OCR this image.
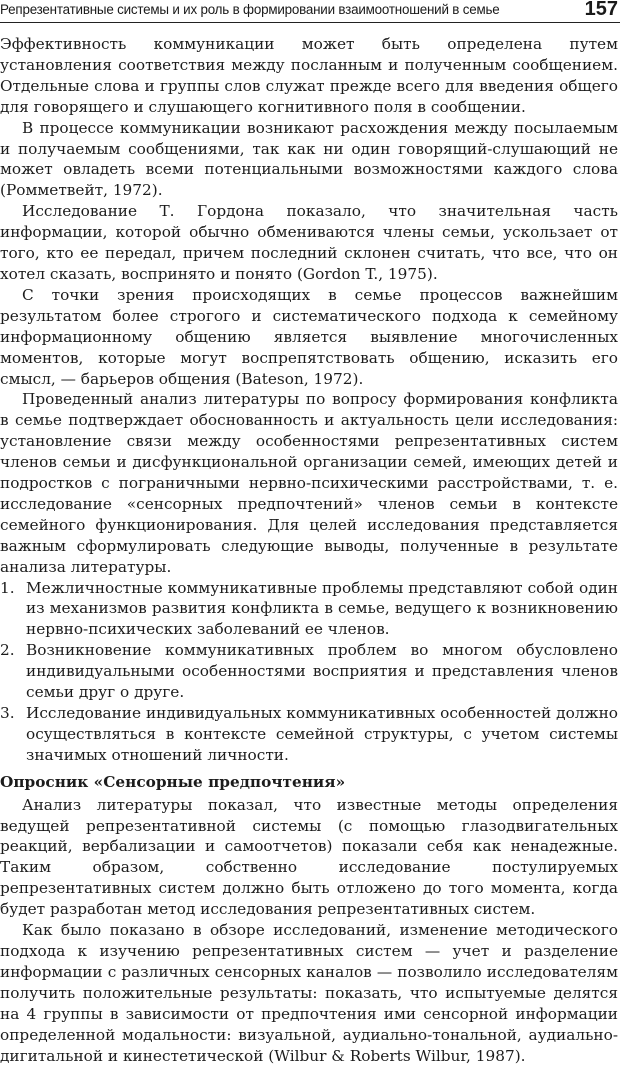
Репрезентативные системы и их роль в формировании взаимоотношений в семье	157

Эффективность коммуникации может быть определена путем установления соответствия между посланным и полученным сообщением. Отдельные слова и группы слов служат прежде всего для введения общего для говорящего и слушающего когнитивного поля в сообщении.

В процессе коммуникации возникают расхождения между посылаемым и получаемым сообщениями, так как ни один говорящий-слушающий не может овладеть всеми потенциальными возможностями каждого слова (Ромметвейт, 1972).

Исследование Т. Гордона показало, что значительная часть информации, которой обычно обмениваются члены семьи, ускользает от того, кто ее передал, причем последний склонен считать, что все, что он хотел сказать, воспринято и понято (Gordon T., 1975).

С точки зрения происходящих в семье процессов важнейшим результатом более строгого и систематического подхода к семейному информационному общению является выявление многочисленных моментов, которые могут воспрепятствовать общению, исказить его смысл, — барьеров общения (Bateson, 1972).

Проведенный анализ литературы по вопросу формирования конфликта в семье подтверждает обоснованность и актуальность цели исследования: установление связи между особенностями репрезентативных систем членов семьи и дисфункциональной организации семей, имеющих детей и подростков с пограничными нервно-психическими расстройствами, т. е. исследование «сенсорных предпочтений» членов семьи в контексте семейного функционирования. Для целей исследования представляется важным сформулировать следующие выводы, полученные в результате анализа литературы.

1. Межличностные коммуникативные проблемы представляют собой один из механизмов развития конфликта в семье, ведущего к возникновению нервно-психических заболеваний ее членов.
2. Возникновение коммуникативных проблем во многом обусловлено индивидуальными особенностями восприятия и представления членов семьи друг о друге.
3. Исследование индивидуальных коммуникативных особенностей должно осуществляться в контексте семейной структуры, с учетом системы значимых отношений личности.
Опросник «Сенсорные предпочтения»

Анализ литературы показал, что известные методы определения ведущей репрезентативной системы (с помощью глазодвигательных реакций, вербализации и самоотчетов) показали себя как ненадежные. Таким образом, собственно исследование постулируемых репрезентативных систем должно быть отложено до того момента, когда будет разработан метод исследования репрезентативных систем.

Как было показано в обзоре исследований, изменение методического подхода к изучению репрезентативных систем — учет и разделение информации с различных сенсорных каналов — позволило исследователям получить положительные результаты: показать, что испытуемые делятся на 4 группы в зависимости от предпочтения ими сенсорной информации определенной модальности: визуальной, аудиально-тональной, аудиально-дигитальной и кинестетической (Wilbur & Roberts Wilbur, 1987).
